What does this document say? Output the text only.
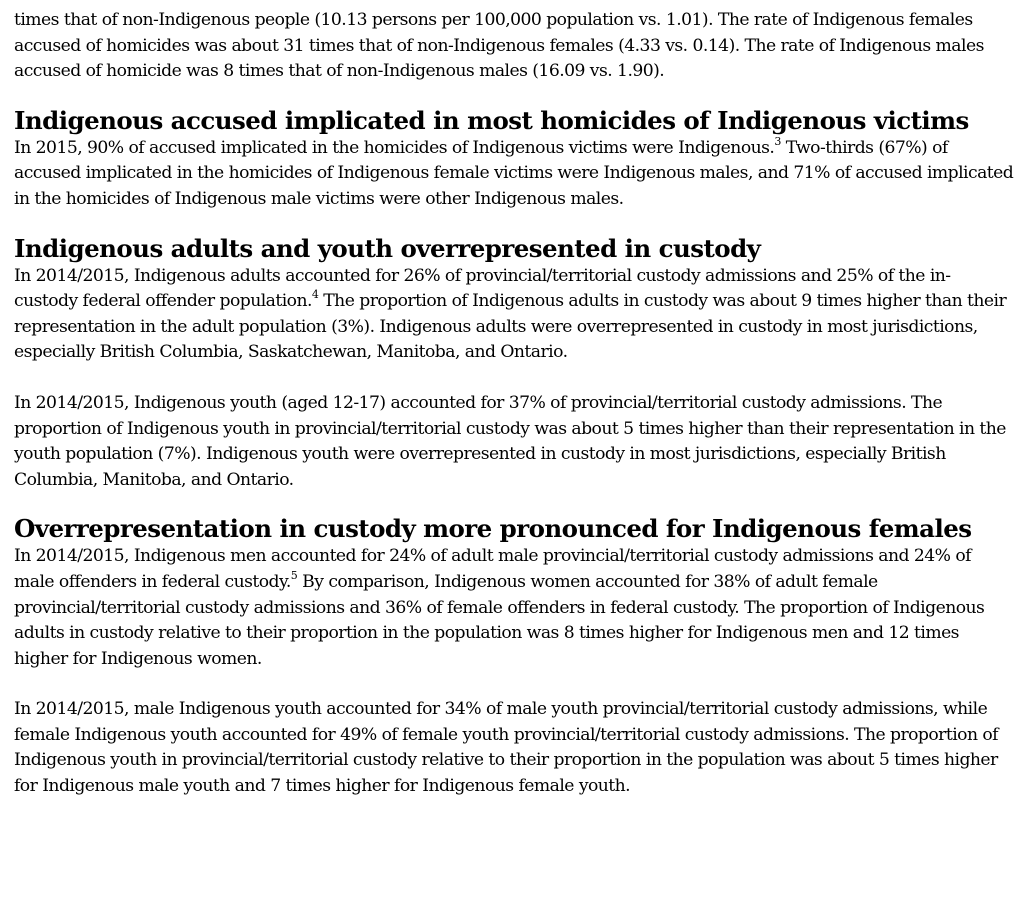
times that of non-Indigenous people (10.13 persons per 100,000 population vs. 1.01). The rate of Indigenous females accused of homicides was about 31 times that of non-Indigenous females (4.33 vs. 0.14). The rate of Indigenous males accused of homicide was 8 times that of non-Indigenous males (16.09 vs. 1.90).

Indigenous accused implicated in most homicides of Indigenous victims

In 2015, 90% of accused implicated in the homicides of Indigenous victims were Indigenous.$^3$ Two-thirds (67%) of accused implicated in the homicides of Indigenous female victims were Indigenous males, and 71% of accused implicated in the homicides of Indigenous male victims were other Indigenous males.

Indigenous adults and youth overrepresented in custody

In 2014/2015, Indigenous adults accounted for 26% of provincial/territorial custody admissions and 25% of the in-custody federal offender population.$^4$ The proportion of Indigenous adults in custody was about 9 times higher than their representation in the adult population (3%). Indigenous adults were overrepresented in custody in most jurisdictions, especially British Columbia, Saskatchewan, Manitoba, and Ontario.

In 2014/2015, Indigenous youth (aged 12-17) accounted for 37% of provincial/territorial custody admissions. The proportion of Indigenous youth in provincial/territorial custody was about 5 times higher than their representation in the youth population (7%). Indigenous youth were overrepresented in custody in most jurisdictions, especially British Columbia, Manitoba, and Ontario.

Overrepresentation in custody more pronounced for Indigenous females

In 2014/2015, Indigenous men accounted for 24% of adult male provincial/territorial custody admissions and 24% of male offenders in federal custody.$^5$ By comparison, Indigenous women accounted for 38% of adult female provincial/territorial custody admissions and 36% of female offenders in federal custody. The proportion of Indigenous adults in custody relative to their proportion in the population was 8 times higher for Indigenous men and 12 times higher for Indigenous women.

In 2014/2015, male Indigenous youth accounted for 34% of male youth provincial/territorial custody admissions, while female Indigenous youth accounted for 49% of female youth provincial/territorial custody admissions. The proportion of Indigenous youth in provincial/territorial custody relative to their proportion in the population was about 5 times higher for Indigenous male youth and 7 times higher for Indigenous female youth.
